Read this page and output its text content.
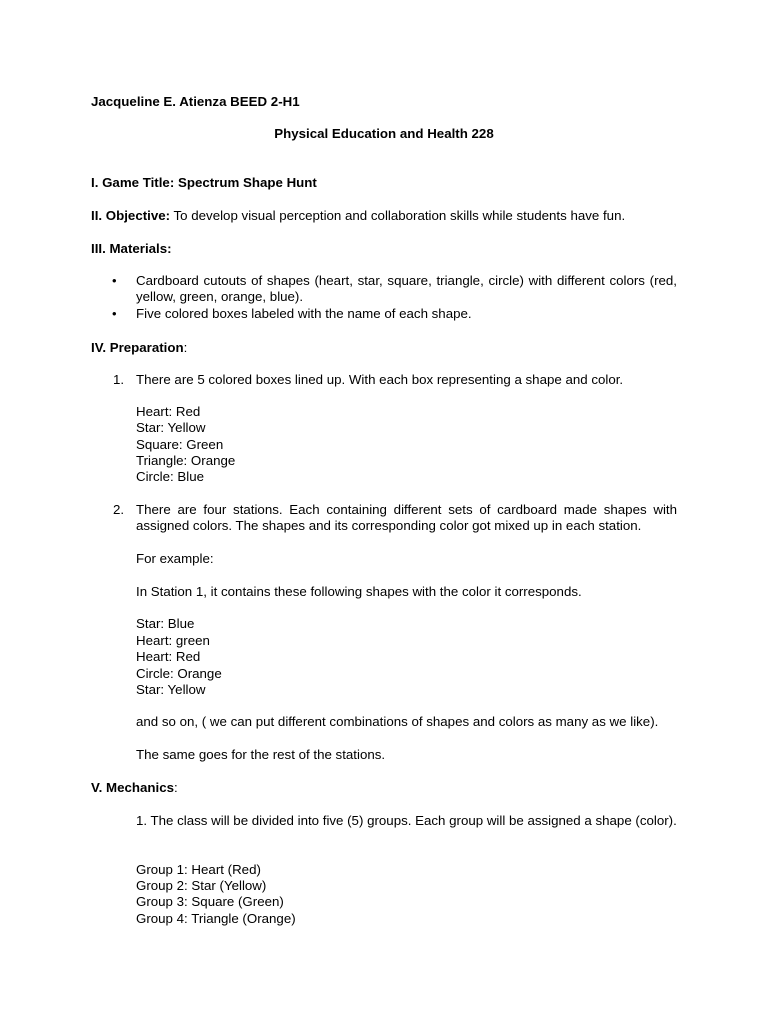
Jacqueline E. Atienza BEED 2-H1
Physical Education and Health 228
I. Game Title: Spectrum Shape Hunt
II. Objective: To develop visual perception and collaboration skills while students have fun.
III. Materials:
• Cardboard cutouts of shapes (heart, star, square, triangle, circle) with different colors (red, yellow, green, orange, blue).
• Five colored boxes labeled with the name of each shape.
IV. Preparation:
1. There are 5 colored boxes lined up. With each box representing a shape and color.
Heart: Red
Star: Yellow
Square: Green
Triangle: Orange
Circle: Blue
2. There are four stations. Each containing different sets of cardboard made shapes with assigned colors. The shapes and its corresponding color got mixed up in each station.
For example:
In Station 1, it contains these following shapes with the color it corresponds.
Star: Blue
Heart: green
Heart: Red
Circle: Orange
Star: Yellow
and so on, ( we can put different combinations of shapes and colors as many as we like).
The same goes for the rest of the stations.
V. Mechanics:
1. The class will be divided into five (5) groups. Each group will be assigned a shape (color).
Group 1: Heart (Red)
Group 2: Star (Yellow)
Group 3: Square (Green)
Group 4: Triangle (Orange)
